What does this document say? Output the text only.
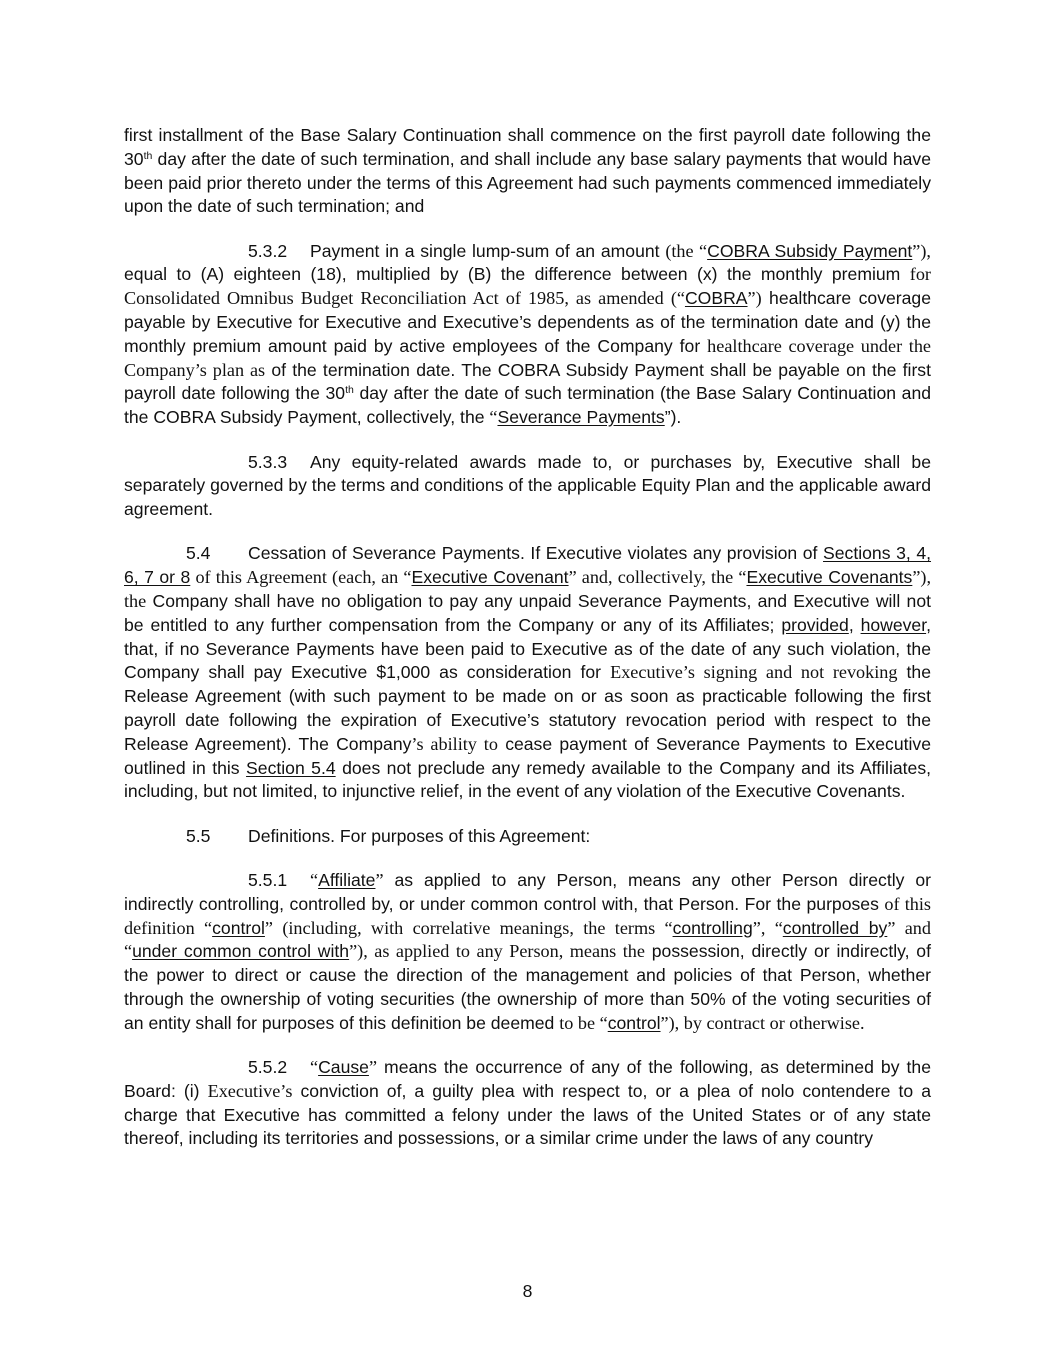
first installment of the Base Salary Continuation shall commence on the first payroll date following the 30th day after the date of such termination, and shall include any base salary payments that would have been paid prior thereto under the terms of this Agreement had such payments commenced immediately upon the date of such termination; and

5.3.2 Payment in a single lump-sum of an amount (the “COBRA Subsidy Payment”), equal to (A) eighteen (18), multiplied by (B) the difference between (x) the monthly premium for Consolidated Omnibus Budget Reconciliation Act of 1985, as amended (“COBRA”) healthcare coverage payable by Executive for Executive and Executive’s dependents as of the termination date and (y) the monthly premium amount paid by active employees of the Company for healthcare coverage under the Company’s plan as of the termination date. The COBRA Subsidy Payment shall be payable on the first payroll date following the 30th day after the date of such termination (the Base Salary Continuation and the COBRA Subsidy Payment, collectively, the “Severance Payments”).

5.3.3 Any equity-related awards made to, or purchases by, Executive shall be separately governed by the terms and conditions of the applicable Equity Plan and the applicable award agreement.

5.4 Cessation of Severance Payments. If Executive violates any provision of Sections 3, 4, 6, 7 or 8 of this Agreement (each, an “Executive Covenant” and, collectively, the “Executive Covenants”), the Company shall have no obligation to pay any unpaid Severance Payments, and Executive will not be entitled to any further compensation from the Company or any of its Affiliates; provided, however, that, if no Severance Payments have been paid to Executive as of the date of any such violation, the Company shall pay Executive $1,000 as consideration for Executive’s signing and not revoking the Release Agreement (with such payment to be made on or as soon as practicable following the first payroll date following the expiration of Executive’s statutory revocation period with respect to the Release Agreement). The Company’s ability to cease payment of Severance Payments to Executive outlined in this Section 5.4 does not preclude any remedy available to the Company and its Affiliates, including, but not limited, to injunctive relief, in the event of any violation of the Executive Covenants.

5.5 Definitions. For purposes of this Agreement:

5.5.1 “Affiliate” as applied to any Person, means any other Person directly or indirectly controlling, controlled by, or under common control with, that Person. For the purposes of this definition “control” (including, with correlative meanings, the terms “controlling”, “controlled by” and “under common control with”), as applied to any Person, means the possession, directly or indirectly, of the power to direct or cause the direction of the management and policies of that Person, whether through the ownership of voting securities (the ownership of more than 50% of the voting securities of an entity shall for purposes of this definition be deemed to be “control”), by contract or otherwise.

5.5.2 “Cause” means the occurrence of any of the following, as determined by the Board: (i) Executive’s conviction of, a guilty plea with respect to, or a plea of nolo contendere to a charge that Executive has committed a felony under the laws of the United States or of any state thereof, including its territories and possessions, or a similar crime under the laws of any country

8
